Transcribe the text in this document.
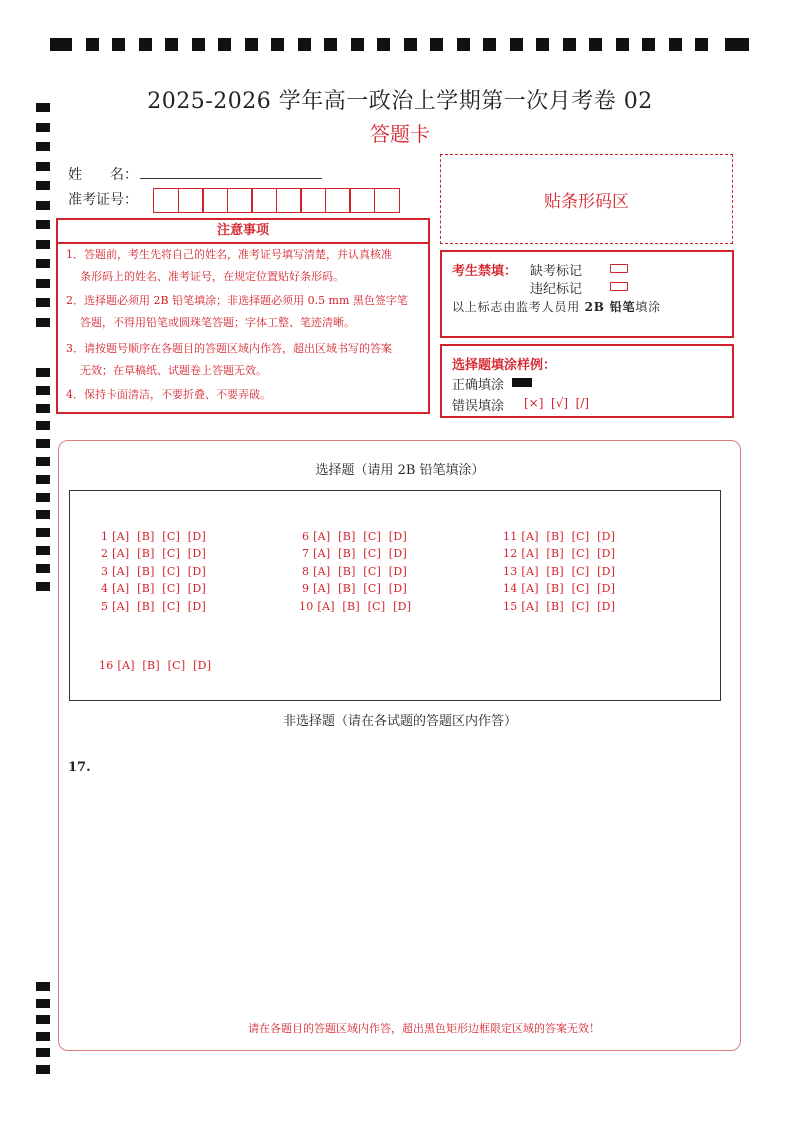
2025-2026 学年高一政治上学期第一次月考卷 02
答题卡
姓　　名：
准考证号：
注意事项
1．答题前，考生先将自己的姓名，准考证号填写清楚，并认真核准
条形码上的姓名、准考证号，在规定位置贴好条形码。
2．选择题必须用 2B 铅笔填涂；非选择题必须用 0.5 mm 黑色签字笔
答题，不得用铅笔或圆珠笔答题；字体工整、笔迹清晰。
3．请按题号顺序在各题目的答题区域内作答，超出区域书写的答案
无效；在草稿纸、试题卷上答题无效。
4．保持卡面清洁，不要折叠、不要弄破。
贴条形码区
考生禁填： 缺考标记
违纪标记
以上标志由监考人员用 2B 铅笔填涂
选择题填涂样例：
正确填涂
错误填涂 [×]  [√]  [/]
选择题（请用 2B 铅笔填涂）
1 [A]  [B]  [C]  [D]
2 [A]  [B]  [C]  [D]
3 [A]  [B]  [C]  [D]
4 [A]  [B]  [C]  [D]
5 [A]  [B]  [C]  [D]
6 [A]  [B]  [C]  [D]
7 [A]  [B]  [C]  [D]
8 [A]  [B]  [C]  [D]
9 [A]  [B]  [C]  [D]
10 [A]  [B]  [C]  [D]
11 [A]  [B]  [C]  [D]
12 [A]  [B]  [C]  [D]
13 [A]  [B]  [C]  [D]
14 [A]  [B]  [C]  [D]
15 [A]  [B]  [C]  [D]
16 [A]  [B]  [C]  [D]
非选择题（请在各试题的答题区内作答）
17.
请在各题目的答题区域内作答，超出黑色矩形边框限定区域的答案无效！
